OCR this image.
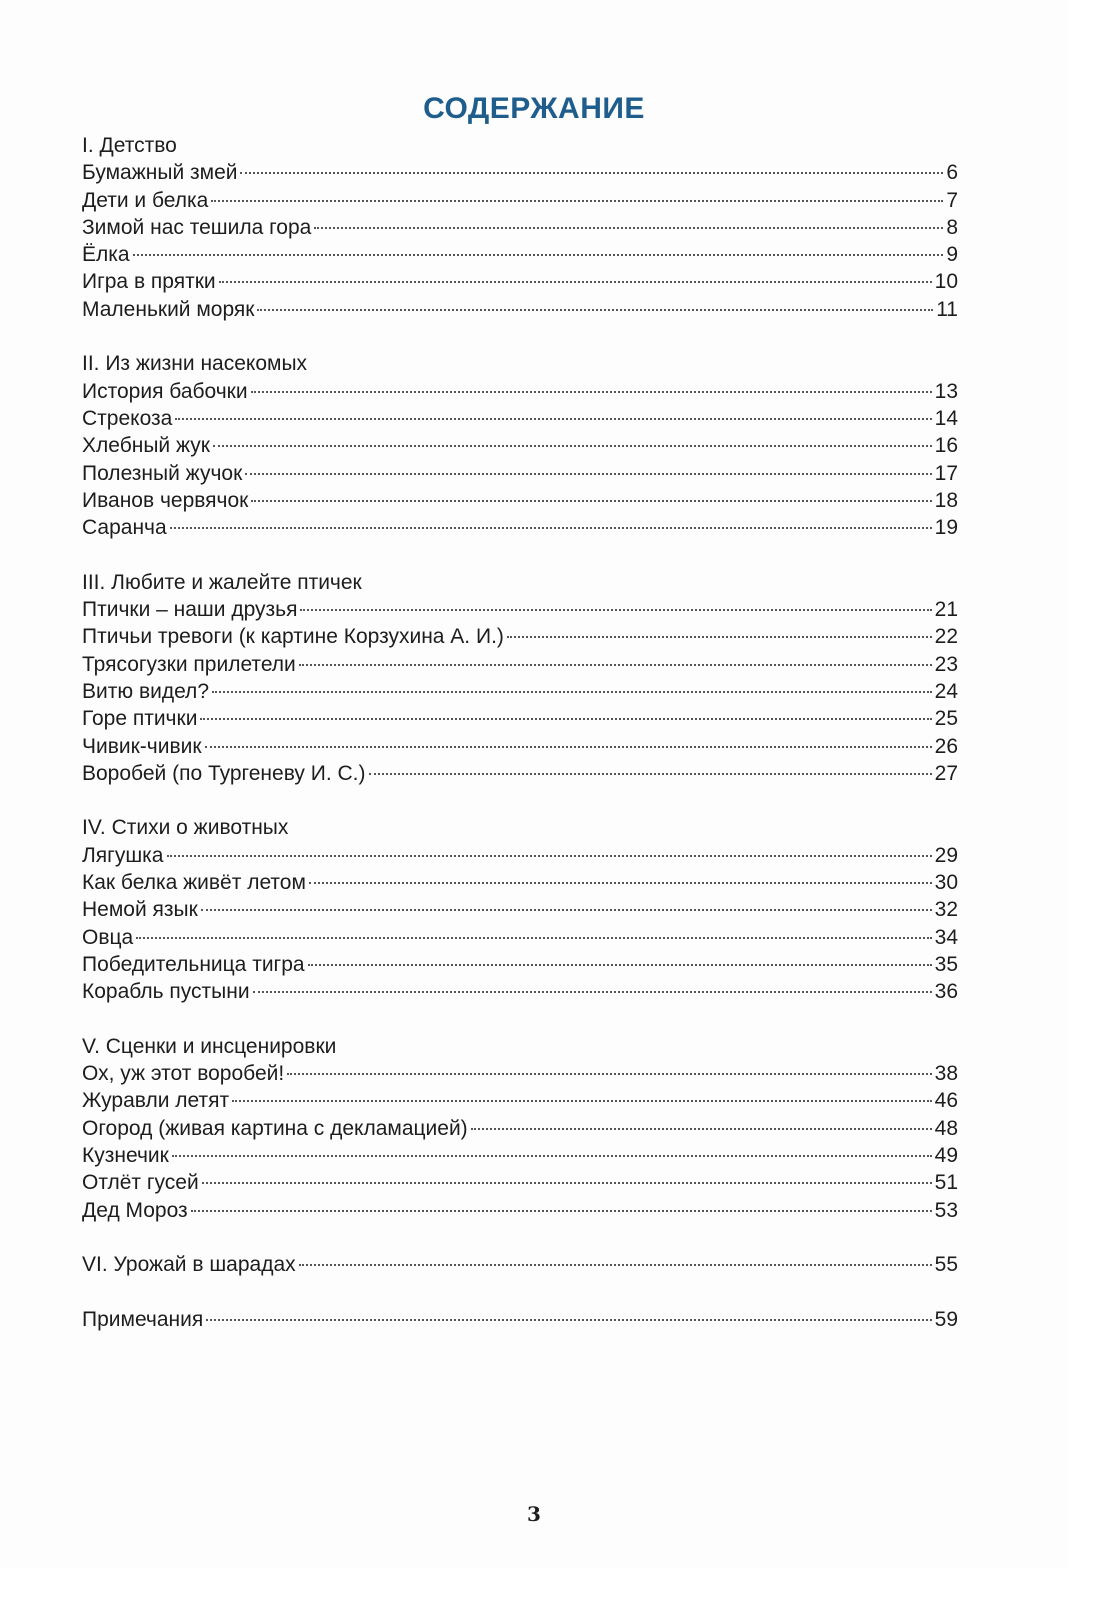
СОДЕРЖАНИЕ
I. Детство
Бумажный змей	6
Дети и белка	7
Зимой нас тешила гора	8
Ёлка	9
Игра в прятки	10
Маленький моряк	11
II. Из жизни насекомых
История бабочки	13
Стрекоза	14
Хлебный жук	16
Полезный жучок	17
Иванов червячок	18
Саранча	19
III. Любите и жалейте птичек
Птички – наши друзья	21
Птичьи тревоги (к картине Корзухина А. И.)	22
Трясогузки прилетели	23
Витю видел?	24
Горе птички	25
Чивик-чивик	26
Воробей (по Тургеневу И. С.)	27
IV. Стихи о животных
Лягушка	29
Как белка живёт летом	30
Немой язык	32
Овца	34
Победительница тигра	35
Корабль пустыни	36
V. Сценки и инсценировки
Ох, уж этот воробей!	38
Журавли летят	46
Огород (живая картина с декламацией)	48
Кузнечик	49
Отлёт гусей	51
Дед Мороз	53
VI. Урожай в шарадах	55
Примечания	59
3
